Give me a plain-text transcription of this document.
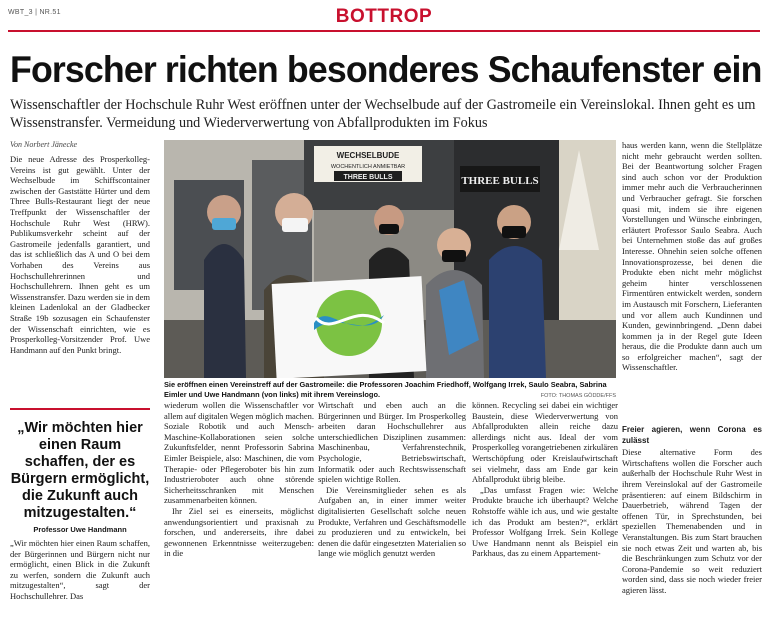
WBT_3 | NR.51	BOTTROP
Forscher richten besonderes Schaufenster ein
Wissenschaftler der Hochschule Ruhr West eröffnen unter der Wechselbude auf der Gastromeile ein Vereinslokal. Ihnen geht es um Wissenstransfer. Vermeidung und Wiederverwertung von Abfallprodukten im Fokus
Von Norbert Jänecke

Die neue Adresse des Prosperkolleg-Vereins ist gut gewählt. Unter der Wechselbude im Schiffscontainer zwischen der Gaststätte Hürter und dem Three Bulls-Restaurant liegt der neue Treffpunkt der Wissenschaftler der Hochschule Ruhr West (HRW). Publikumsverkehr scheint auf der Gastromeile jedenfalls garantiert, und das ist schließlich das A und O bei dem Vorhaben des Vereins aus Hochschullehrerinnen und Hochschullehrern. Ihnen geht es um Wissenstransfer. Dazu werden sie in dem kleinen Ladenlokal an der Gladbecker Straße 19b sozusagen ein Schaufenster der Wissenschaft einrichten, wie es Prosperkolleg-Vorsitzender Prof. Uwe Handmann auf den Punkt bringt.

„Wir möchten hier einen Raum schaffen, der es Bürgern ermöglicht, die Zukunft auch mitzugestalten.“
Professor Uwe Handmann
„Wir möchten hier einen Raum schaffen, der Bürgerinnen und Bürgern nicht nur ermöglicht, einen Blick in die Zukunft zu werfen, sondern die Zukunft auch mitzugestalten“, sagt der Hochschullehrer. Das
WECHSELBUDE
WOCHENTLICH ANMIETBAR
THREE BULLS	THREE BULLS
Sie eröffnen einen Vereinstreff auf der Gastromeile: die Professoren Joachim Friedhoff, Wolfgang Irrek, Saulo Seabra, Sabrina Eimler und Uwe Handmann (von links) mit ihrem Vereinslogo.	FOTO: THOMAS GÖDDE/FFS

wiederum wollen die Wissenschaftler vor allem auf digitalen Wegen möglich machen. Soziale Robotik und auch Mensch-Maschine-Kollaborationen seien solche Zukunftsfelder, nennt Professorin Sabrina Eimler Beispiele, also: Maschinen, die vom Therapie- oder Pflegeroboter bis hin zum Industrieroboter auch ohne störende Sicherheitsschranken mit Menschen zusammenarbeiten können.

Ihr Ziel sei es einerseits, möglichst anwendungsorientiert und praxisnah zu forschen, und andererseits, ihre dabei gewonnenen Erkenntnisse weiterzugeben: in die

Wirtschaft und eben auch an die Bürgerinnen und Bürger. Im Prosperkolleg arbeiten daran Hochschullehrer aus unterschiedlichen Disziplinen zusammen: Maschinenbau, Verfahrenstechnik, Psychologie, Betriebswirtschaft, Informatik oder auch Rechtswissenschaft spielen wichtige Rollen.

Die Vereinsmitglieder sehen es als Aufgaben an, in einer immer weiter digitalisierten Gesellschaft solche neuen Produkte, Verfahren und Geschäftsmodelle zu produzieren und zu entwickeln, bei denen die dafür eingesetzten Materialien so lange wie möglich genutzt werden

können. Recycling sei dabei ein wichtiger Baustein, diese Wiederverwertung von Abfallprodukten allein reiche dazu allerdings nicht aus. Ideal der vom Prosperkolleg vorangetriebenen zirkulären Wertschöpfung oder Kreislaufwirtschaft sei vielmehr, dass am Ende gar kein Abfallprodukt übrig bleibe.

„Das umfasst Fragen wie: Welche Produkte brauche ich überhaupt? Welche Rohstoffe wähle ich aus, und wie gestalte ich das Produkt am besten?“, erklärt Professor Wolfgang Irrek. Sein Kollege Uwe Handmann nennt als Beispiel ein Parkhaus, das zu einem Appartement-

haus werden kann, wenn die Stellplätze nicht mehr gebraucht werden sollten. Bei der Beantwortung solcher Fragen sind auch schon vor der Produktion immer mehr auch die Verbraucherinnen und Verbraucher gefragt. Sie forschen quasi mit, indem sie ihre eigenen Vorstellungen und Wünsche einbringen, erläutert Professor Saulo Seabra. Auch bei Unternehmen stoße das auf großes Interesse. Ohnehin seien solche offenen Innovationsprozesse, bei denen die Produkte eben nicht mehr möglichst geheim hinter verschlossenen Firmentüren entwickelt werden, sondern im Austausch mit Forschern, Lieferanten und vor allem auch Kundinnen und Kunden, gewinnbringend. „Denn dabei kommen ja in der Regel gute Ideen heraus, die die Produkte dann auch um so erfolgreicher machen“, sagt der Wissenschaftler.

Freier agieren, wenn Corona es zulässt

Diese alternative Form des Wirtschaftens wollen die Forscher auch außerhalb der Hochschule Ruhr West in ihrem Vereinslokal auf der Gastromeile präsentieren: auf einem Bildschirm in Dauerbetrieb, während Tagen der offenen Tür, in Sprechstunden, bei speziellen Themenabenden und in Veranstaltungen. Bis zum Start brauchen sie noch etwas Zeit und warten ab, bis die Beschränkungen zum Schutz vor der Corona-Pandemie so weit reduziert worden sind, dass sie noch wieder freier agieren lässt.
